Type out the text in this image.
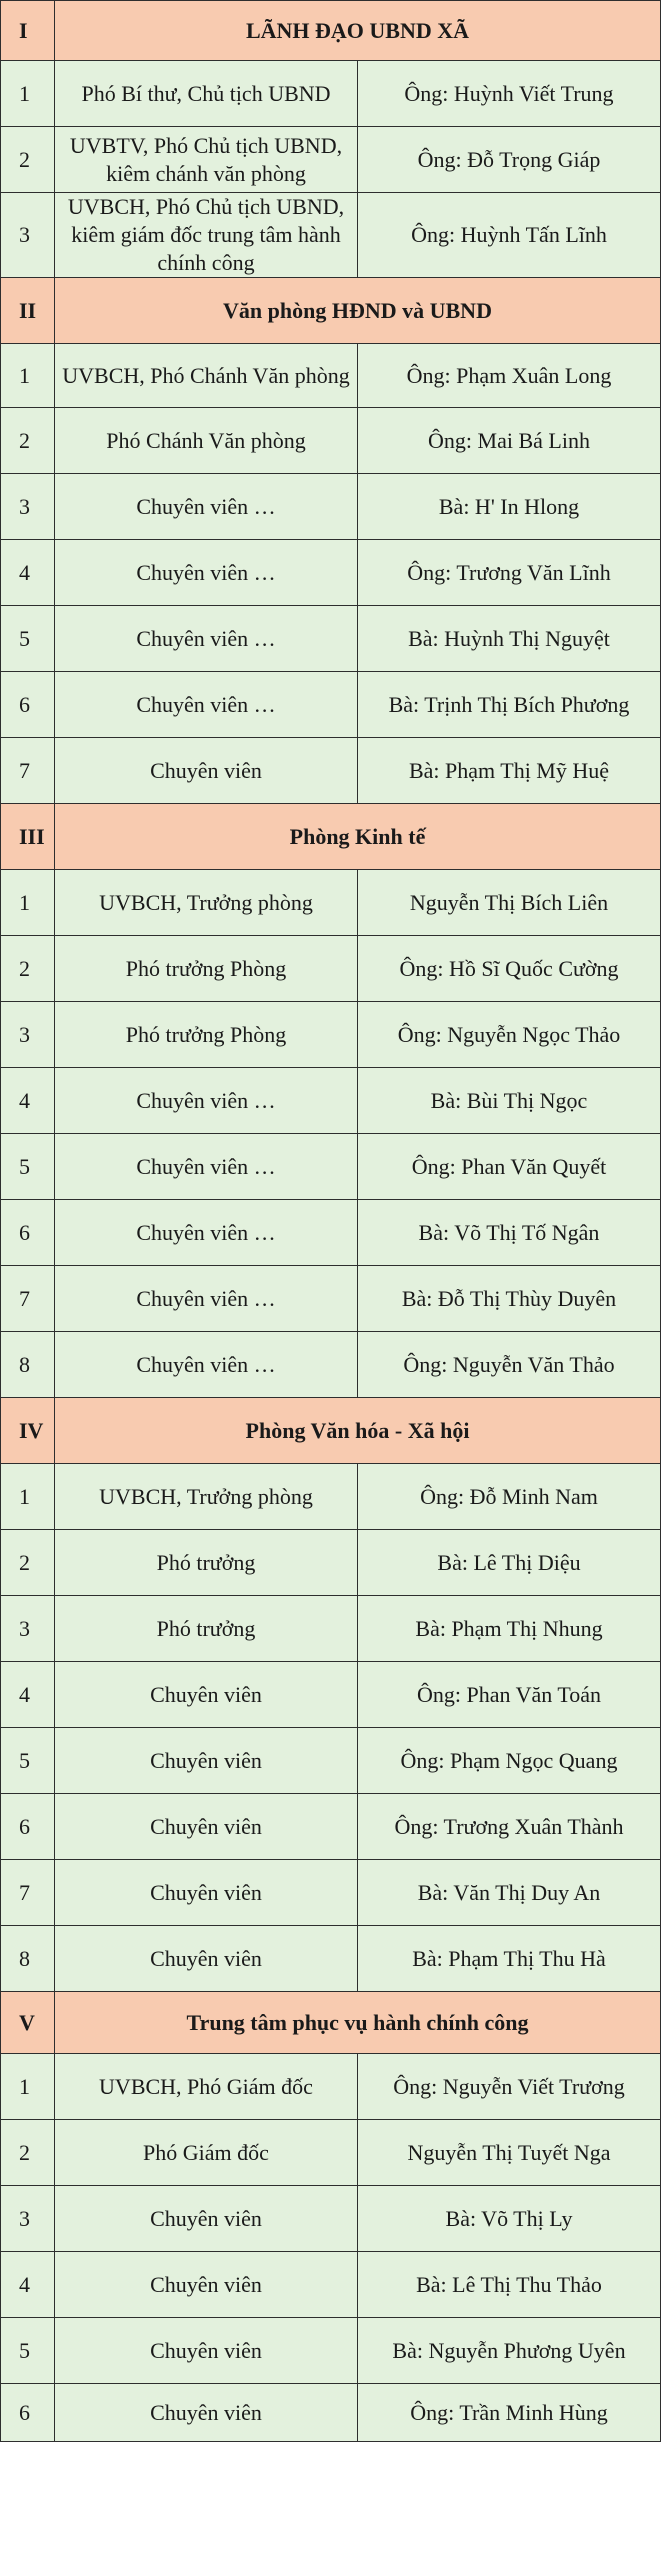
I	LÃNH ĐẠO UBND XÃ	
1	Phó Bí thư, Chủ tịch UBND	Ông: Huỳnh Viết Trung
2	UVBTV, Phó Chủ tịch UBND, kiêm chánh văn phòng	Ông: Đỗ Trọng Giáp
3	UVBCH, Phó Chủ tịch UBND, kiêm giám đốc trung tâm hành chính công	Ông: Huỳnh Tấn Lĩnh
II	Văn phòng HĐND và UBND	
1	UVBCH, Phó Chánh Văn phòng	Ông: Phạm Xuân Long
2	Phó Chánh Văn phòng	Ông: Mai Bá Linh
3	Chuyên viên …	Bà: H' In Hlong
4	Chuyên viên …	Ông: Trương Văn Lĩnh
5	Chuyên viên …	Bà: Huỳnh Thị Nguyệt
6	Chuyên viên …	Bà: Trịnh Thị Bích Phương
7	Chuyên viên	Bà: Phạm Thị Mỹ Huệ
III	Phòng Kinh tế	
1	UVBCH, Trưởng phòng	Nguyễn Thị Bích Liên
2	Phó trưởng Phòng	Ông: Hồ Sĩ Quốc Cường
3	Phó trưởng Phòng	Ông: Nguyễn Ngọc Thảo
4	Chuyên viên …	Bà: Bùi Thị Ngọc
5	Chuyên viên …	Ông: Phan Văn Quyết
6	Chuyên viên …	Bà: Võ Thị Tố Ngân
7	Chuyên viên …	Bà: Đỗ Thị Thùy Duyên
8	Chuyên viên …	Ông: Nguyễn Văn Thảo
IV	Phòng Văn hóa - Xã hội	
1	UVBCH, Trưởng phòng	Ông: Đỗ Minh Nam
2	Phó trưởng	Bà: Lê Thị Diệu
3	Phó trưởng	Bà: Phạm Thị Nhung
4	Chuyên viên	Ông: Phan Văn Toán
5	Chuyên viên	Ông: Phạm Ngọc Quang
6	Chuyên viên	Ông: Trương Xuân Thành
7	Chuyên viên	Bà: Văn Thị Duy An
8	Chuyên viên	Bà: Phạm Thị Thu Hà
V	Trung tâm phục vụ hành chính công	
1	UVBCH, Phó Giám đốc	Ông: Nguyễn Viết Trương
2	Phó Giám đốc	Nguyễn Thị Tuyết Nga
3	Chuyên viên	Bà: Võ Thị Ly
4	Chuyên viên	Bà: Lê Thị Thu Thảo
5	Chuyên viên	Bà: Nguyễn Phương Uyên
6	Chuyên viên	Ông: Trần Minh Hùng
